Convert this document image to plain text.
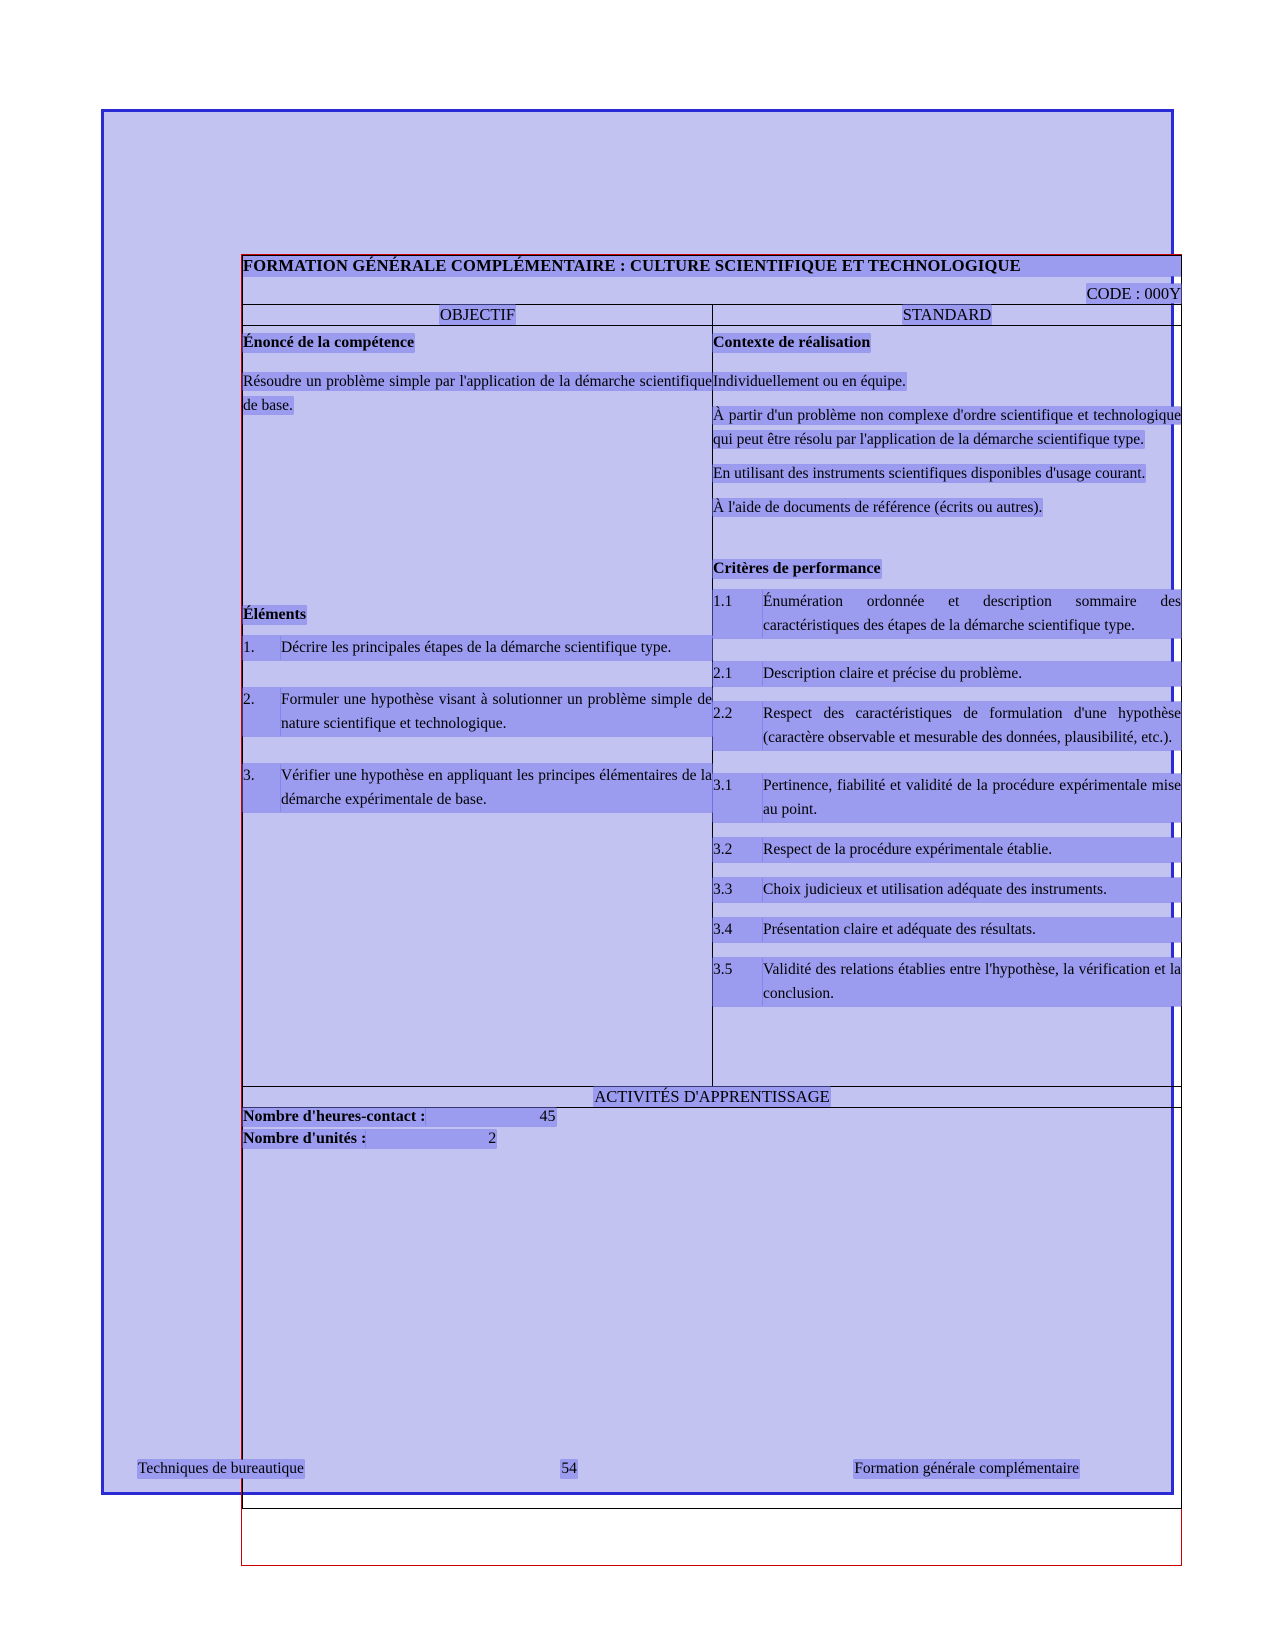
FORMATION GÉNÉRALE COMPLÉMENTAIRE : CULTURE SCIENTIFIQUE ET TECHNOLOGIQUE
CODE : 000Y	

OBJECTIF	STANDARD

Énoncé de la compétence

Résoudre un problème simple par l'application de la démarche scientifique de base.

Éléments
1.	Décrire les principales étapes de la démarche scientifique type.
2.	Formuler une hypothèse visant à solutionner un problème simple de nature scientifique et technologique.
3.	Vérifier une hypothèse en appliquant les principes élémentaires de la démarche expérimentale de base.

Contexte de réalisation

Individuellement ou en équipe.

À partir d'un problème non complexe d'ordre scientifique et technologique qui peut être résolu par l'application de la démarche scientifique type.

En utilisant des instruments scientifiques disponibles d'usage courant.

À l'aide de documents de référence (écrits ou autres).

Critères de performance
1.1	Énumération ordonnée et description sommaire des caractéristiques des étapes de la démarche scientifique type.
2.1	Description claire et précise du problème.
2.2	Respect des caractéristiques de formulation d'une hypothèse (caractère observable et mesurable des données, plausibilité, etc.).
3.1	Pertinence, fiabilité et validité de la procédure expérimentale mise au point.
3.2	Respect de la procédure expérimentale établie.
3.3	Choix judicieux et utilisation adéquate des instruments.
3.4	Présentation claire et adéquate des résultats.
3.5	Validité des relations établies entre l'hypothèse, la vérification et la conclusion.

ACTIVITÉS D'APPRENTISSAGE	

Nombre d'heures-contact : 45
Nombre d'unités : 2	
Techniques de bureautique	54	Formation générale complémentaire
